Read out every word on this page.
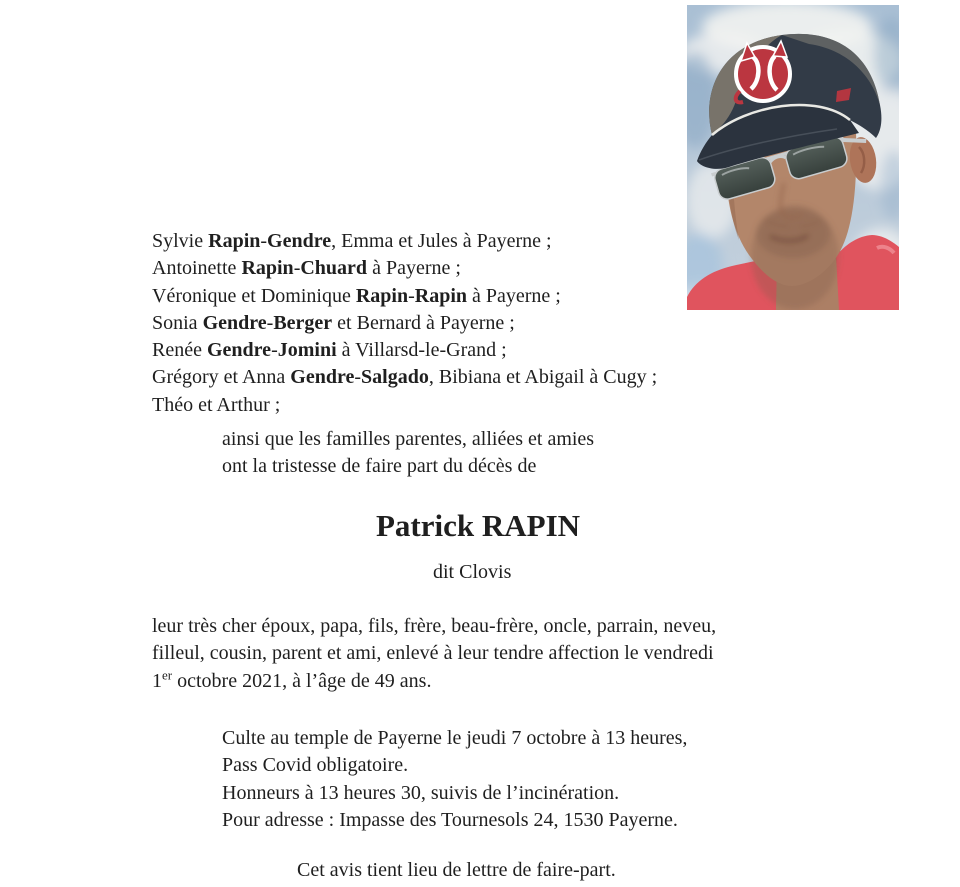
Sylvie Rapin-Gendre, Emma et Jules à Payerne ;
Antoinette Rapin-Chuard à Payerne ;
Véronique et Dominique Rapin-Rapin à Payerne ;
Sonia Gendre-Berger et Bernard à Payerne ;
Renée Gendre-Jomini à Villarsd-le-Grand ;
Grégory et Anna Gendre-Salgado, Bibiana et Abigail à Cugy ;
Théo et Arthur ;
ainsi que les familles parentes, alliées et amies
ont la tristesse de faire part du décès de
Patrick RAPIN
dit Clovis
leur très cher époux, papa, fils, frère, beau-frère, oncle, parrain, neveu,
filleul, cousin, parent et ami, enlevé à leur tendre affection le vendredi
1er octobre 2021, à l’âge de 49 ans.
Culte au temple de Payerne le jeudi 7 octobre à 13 heures,
Pass Covid obligatoire.
Honneurs à 13 heures 30, suivis de l’incinération.
Pour adresse : Impasse des Tournesols 24, 1530 Payerne.
Cet avis tient lieu de lettre de faire-part.
